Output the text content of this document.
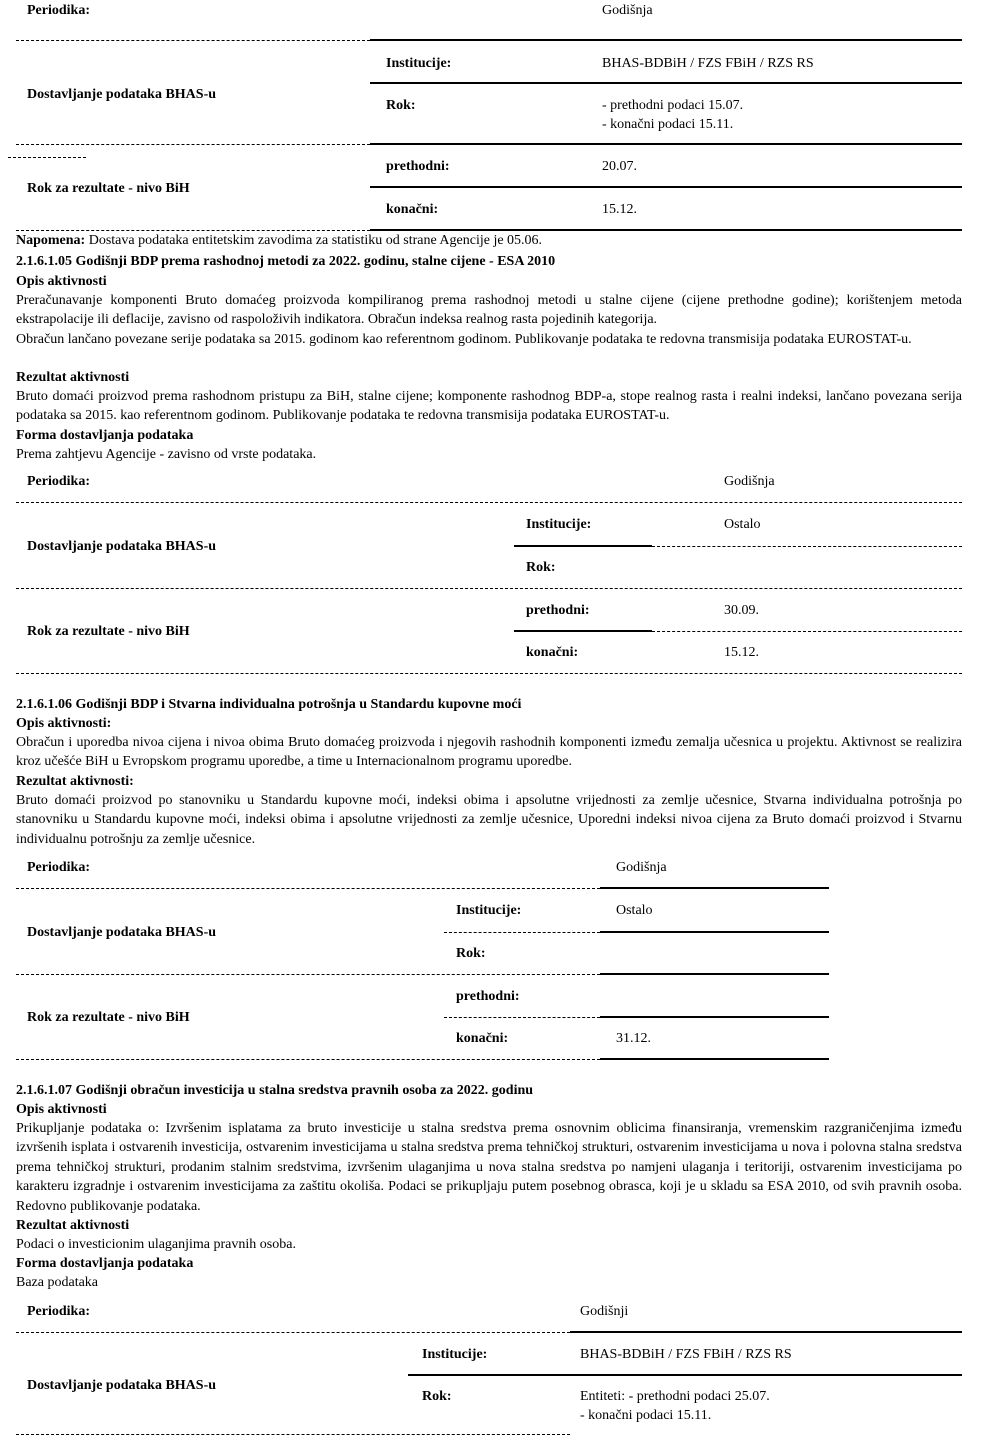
Periodika:	Godišnja
Dostavljanje podataka BHAS-u
Institucije:	BHAS-BDBiH / FZS FBiH / RZS RS
Rok:	- prethodni podaci 15.07.
- konačni podaci 15.11.
Rok za rezultate - nivo BiH
prethodni:	20.07.
konačni:	15.12.
Napomena: Dostava podataka entitetskim zavodima za statistiku od strane Agencije je 05.06.
2.1.6.1.05 Godišnji BDP prema rashodnoj metodi za 2022. godinu, stalne cijene - ESA 2010
Opis aktivnosti
Preračunavanje komponenti Bruto domaćeg proizvoda kompiliranog prema rashodnoj metodi u stalne cijene (cijene prethodne godine); korištenjem metoda ekstrapolacije ili deflacije, zavisno od raspoloživih indikatora. Obračun indeksa realnog rasta pojedinih kategorija.
Obračun lančano povezane serije podataka sa 2015. godinom kao referentnom godinom. Publikovanje podataka te redovna transmisija podataka EUROSTAT-u.
Rezultat aktivnosti
Bruto domaći proizvod prema rashodnom pristupu za BiH, stalne cijene; komponente rashodnog BDP-a, stope realnog rasta i realni indeksi, lančano povezana serija podataka sa 2015. kao referentnom godinom. Publikovanje podataka te redovna transmisija podataka EUROSTAT-u.
Forma dostavljanja podataka
Prema zahtjevu Agencije - zavisno od vrste podataka.
Periodika:	Godišnja
Dostavljanje podataka BHAS-u
Institucije:	Ostalo
Rok:
Rok za rezultate - nivo BiH
prethodni:	30.09.
konačni:	15.12.
2.1.6.1.06 Godišnji BDP i Stvarna individualna potrošnja u Standardu kupovne moći
Opis aktivnosti:
Obračun i uporedba nivoa cijena i nivoa obima Bruto domaćeg proizvoda i njegovih rashodnih komponenti između zemalja učesnica u projektu. Aktivnost se realizira kroz učešće BiH u Evropskom programu uporedbe, a time u Internacionalnom programu uporedbe.
Rezultat aktivnosti:
Bruto domaći proizvod po stanovniku u Standardu kupovne moći, indeksi obima i apsolutne vrijednosti za zemlje učesnice, Stvarna individualna potrošnja po stanovniku u Standardu kupovne moći, indeksi obima i apsolutne vrijednosti za zemlje učesnice, Uporedni indeksi nivoa cijena za Bruto domaći proizvod i Stvarnu individualnu potrošnju za zemlje učesnice.
Periodika:	Godišnja
Dostavljanje podataka BHAS-u
Institucije:	Ostalo
Rok:
Rok za rezultate - nivo BiH
prethodni:
konačni:	31.12.
2.1.6.1.07 Godišnji obračun investicija u stalna sredstva pravnih osoba za 2022. godinu
Opis aktivnosti
Prikupljanje podataka o: Izvršenim isplatama za bruto investicije u stalna sredstva prema osnovnim oblicima finansiranja, vremenskim razgraničenjima između izvršenih isplata i ostvarenih investicija, ostvarenim investicijama u stalna sredstva prema tehničkoj strukturi, ostvarenim investicijama u nova i polovna stalna sredstva prema tehničkoj strukturi, prodanim stalnim sredstvima, izvršenim ulaganjima u nova stalna sredstva po namjeni ulaganja i teritoriji, ostvarenim investicijama po karakteru izgradnje i ostvarenim investicijama za zaštitu okoliša. Podaci se prikupljaju putem posebnog obrasca, koji je u skladu sa ESA 2010, od svih pravnih osoba. Redovno publikovanje podataka.
Rezultat aktivnosti
Podaci o investicionim ulaganjima pravnih osoba.
Forma dostavljanja podataka
Baza podataka
Periodika:	Godišnji
Dostavljanje podataka BHAS-u
Institucije:	BHAS-BDBiH / FZS FBiH / RZS RS
Rok:	Entiteti: - prethodni podaci 25.07.
- konačni podaci 15.11.
